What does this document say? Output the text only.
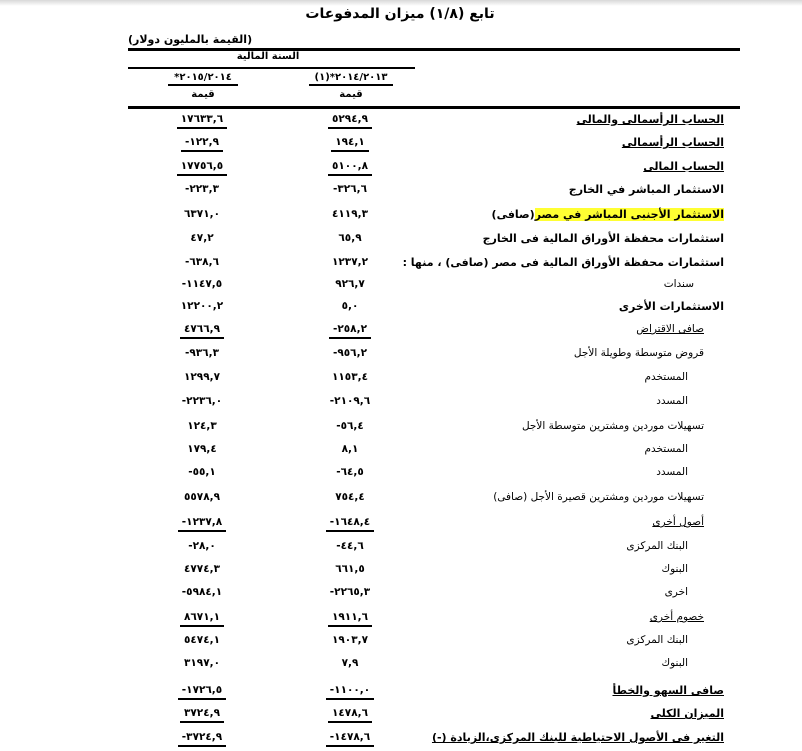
تابع (١/٨) ميزان المدفوعات
(القيمة بالمليون دولار)
السنة المالية
٢٠١٤/٢٠١٣*(١)
قيمة
٢٠١٥/٢٠١٤*
قيمة
الحساب الرأسمالى والمالى
٥٢٩٤,٩
١٧٦٣٣,٦
الحساب الرأسمالى
١٩٤,١
-١٢٢,٩
الحساب المالى
٥١٠٠,٨
١٧٧٥٦,٥
الاستثمار المباشر في الخارج
-٣٢٦,٦
-٢٢٣,٣
الاستثمار الأجنبى المباشر في مصر(صافى)
٤١١٩,٣
٦٣٧١,٠
استثمارات محفظة الأوراق المالية فى الخارج
٦٥,٩
٤٧,٢
استثمارات محفظة الأوراق المالية فى مصر (صافى) ، منها :
١٢٣٧,٢
-٦٣٨,٦
سندات
٩٢٦,٧
-١١٤٧,٥
الاستثمارات الأخرى
٥,٠
١٢٢٠٠,٢
صافى الاقتراض
-٢٥٨,٢
٤٧٦٦,٩
قروض متوسطة وطويلة الأجل
-٩٥٦,٢
-٩٣٦,٣
المستخدم
١١٥٣,٤
١٢٩٩,٧
المسدد
-٢١٠٩,٦
-٢٢٣٦,٠
تسهيلات موردين ومشترين متوسطة الأجل
-٥٦,٤
١٢٤,٣
المستخدم
٨,١
١٧٩,٤
المسدد
-٦٤,٥
-٥٥,١
تسهيلات موردين ومشترين قصيرة الأجل (صافى)
٧٥٤,٤
٥٥٧٨,٩
أصول أخرى
-١٦٤٨,٤
-١٢٣٧,٨
البنك المركزى
-٤٤,٦
-٢٨,٠
البنوك
٦٦١,٥
٤٧٧٤,٣
اخرى
-٢٢٦٥,٣
-٥٩٨٤,١
خصوم أخرى
١٩١١,٦
٨٦٧١,١
البنك المركزى
١٩٠٣,٧
٥٤٧٤,١
البنوك
٧,٩
٣١٩٧,٠
صافى السهو والخطأ
-١١٠٠,٠
-١٧٢٦,٥
الميزان الكلى
١٤٧٨,٦
٣٧٢٤,٩
التغير فى الأصول الاحتياطية للبنك المركزى،الزيادة (-)
-١٤٧٨,٦
-٣٧٢٤,٩
